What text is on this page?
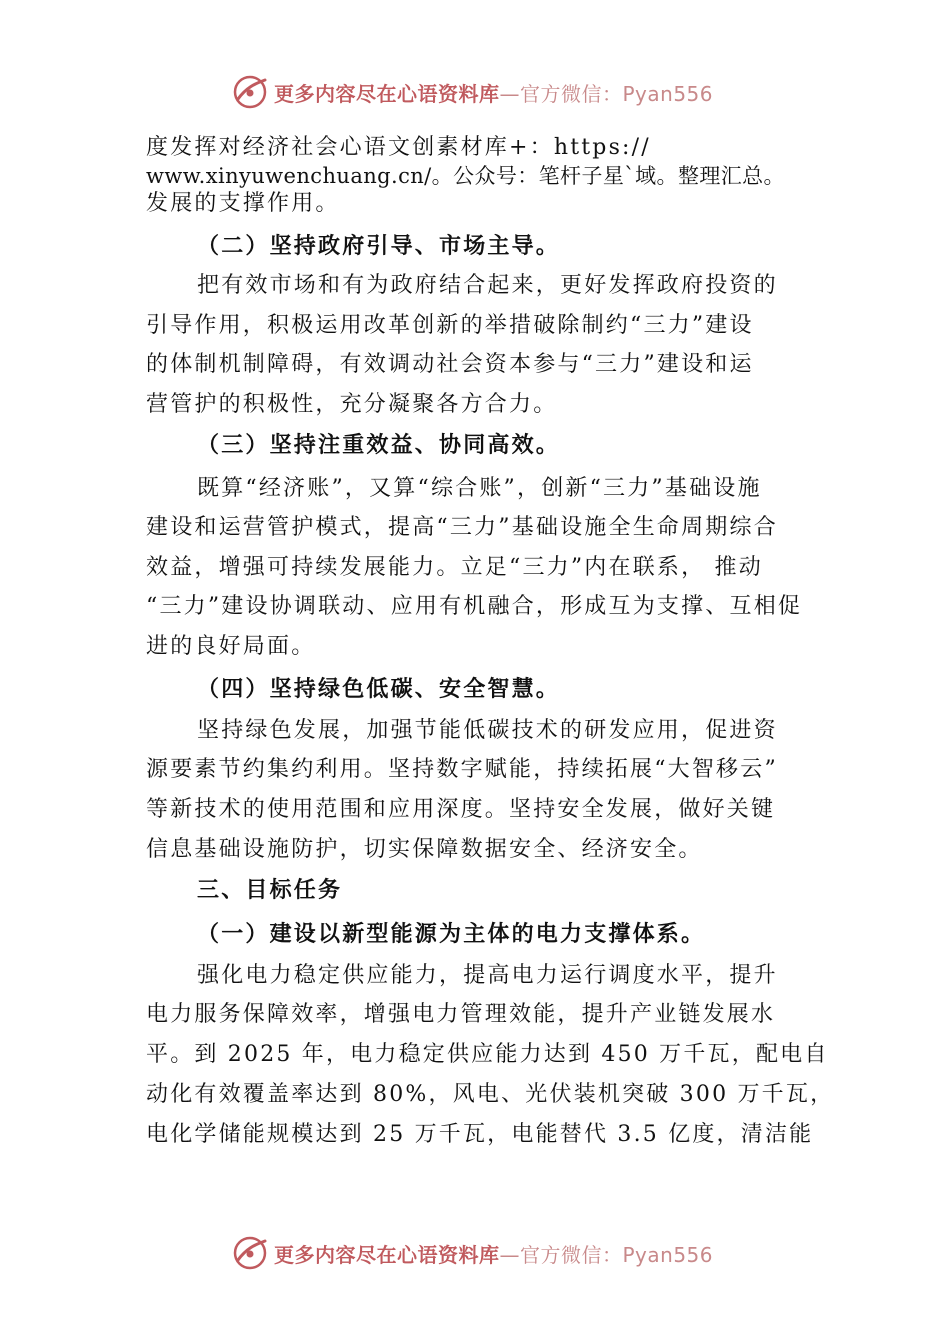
更多内容尽在心语资料库—官方微信：Pyan556
度发挥对经济社会心语文创素材库+：https://
www.xinyuwenchuang.cn/。公众号：笔杆子星`域。整理汇总。
发展的支撑作用。
（二）坚持政府引导、市场主导。
把有效市场和有为政府结合起来，更好发挥政府投资的
引导作用，积极运用改革创新的举措破除制约“三力”建设
的体制机制障碍，有效调动社会资本参与“三力”建设和运
营管护的积极性，充分凝聚各方合力。
（三）坚持注重效益、协同高效。
既算“经济账”，又算“综合账”，创新“三力”基础设施
建设和运营管护模式，提高“三力”基础设施全生命周期综合
效益，增强可持续发展能力。立足“三力”内在联系， 推动
“三力”建设协调联动、应用有机融合，形成互为支撑、互相促
进的良好局面。
（四）坚持绿色低碳、安全智慧。
坚持绿色发展，加强节能低碳技术的研发应用，促进资
源要素节约集约利用。坚持数字赋能，持续拓展“大智移云”
等新技术的使用范围和应用深度。坚持安全发展，做好关键
信息基础设施防护，切实保障数据安全、经济安全。
三、目标任务
（一）建设以新型能源为主体的电力支撑体系。
强化电力稳定供应能力，提高电力运行调度水平，提升
电力服务保障效率，增强电力管理效能，提升产业链发展水
平。到 2025 年，电力稳定供应能力达到 450 万千瓦，配电自
动化有效覆盖率达到 80%，风电、光伏装机突破 300 万千瓦，
电化学储能规模达到 25 万千瓦，电能替代 3.5 亿度，清洁能
更多内容尽在心语资料库—官方微信：Pyan556
